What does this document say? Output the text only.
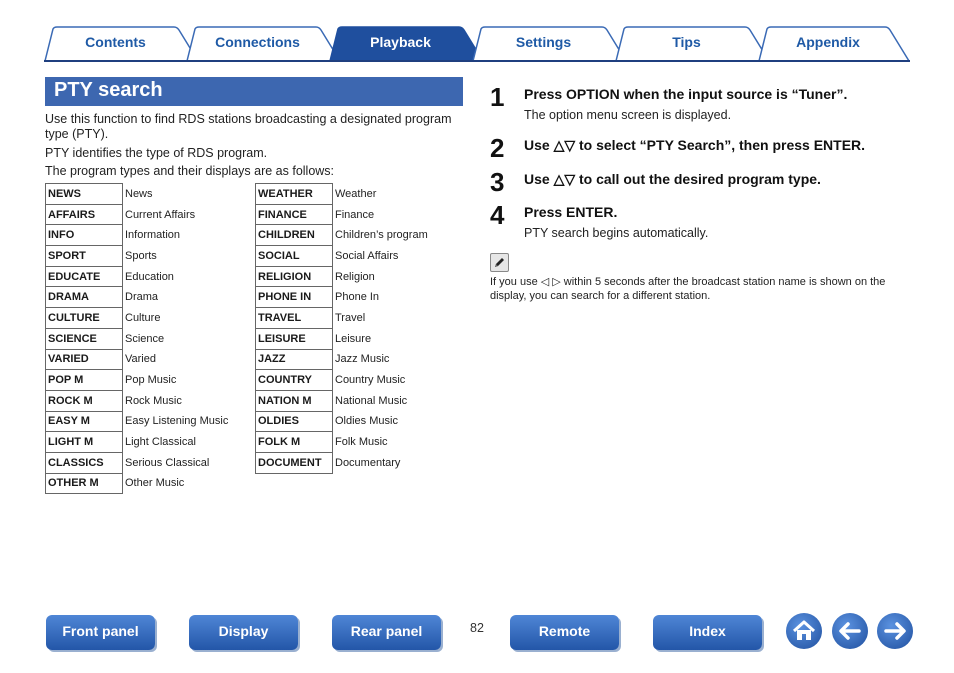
Contents	Connections	Playback	Settings	Tips	Appendix
PTY search
Use this function to find RDS stations broadcasting a designated program type (PTY).
PTY identifies the type of RDS program.
The program types and their displays are as follows:
NEWS	News
AFFAIRS	Current Affairs
INFO	Information
SPORT	Sports
EDUCATE	Education
DRAMA	Drama
CULTURE	Culture
SCIENCE	Science
VARIED	Varied
POP M	Pop Music
ROCK M	Rock Music
EASY M	Easy Listening Music
LIGHT M	Light Classical
CLASSICS	Serious Classical
OTHER M	Other Music
WEATHER	Weather
FINANCE	Finance
CHILDREN	Children’s program
SOCIAL	Social Affairs
RELIGION	Religion
PHONE IN	Phone In
TRAVEL	Travel
LEISURE	Leisure
JAZZ	Jazz Music
COUNTRY	Country Music
NATION M	National Music
OLDIES	Oldies Music
FOLK M	Folk Music
DOCUMENT	Documentary
1 Press OPTION when the input source is “Tuner”.
The option menu screen is displayed.
2 Use △▽ to select “PTY Search”, then press ENTER.
3 Use △▽ to call out the desired program type.
4 Press ENTER.
PTY search begins automatically.
If you use ◁ ▷ within 5 seconds after the broadcast station name is shown on the display, you can search for a different station.
Front panel	Display	Rear panel	82	Remote	Index
